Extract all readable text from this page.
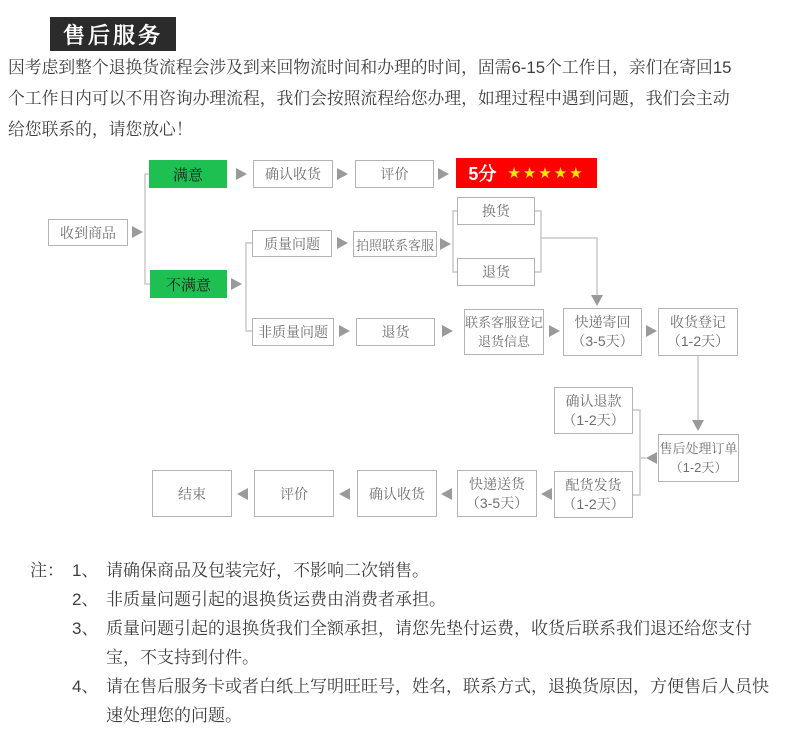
售后服务
因考虑到整个退换货流程会涉及到来回物流时间和办理的时间，固需6-15个工作日，亲们在寄回15
个工作日内可以不用咨询办理流程，我们会按照流程给您办理，如理过程中遇到问题，我们会主动
给您联系的，请您放心！
收到商品
满意	确认收货	评价	5分 ★★★★★
不满意
质量问题	拍照联系客服
换货
退货
非质量问题	退货
联系客服登记
退货信息
快递寄回
（3-5天）
收货登记
（1-2天）
确认退款
（1-2天）
售后处理订单
（1-2天）
配货发货
（1-2天）
快递送货
（3-5天）
确认收货
评价
结束
注： 1、 请确保商品及包装完好，不影响二次销售。
2、 非质量问题引起的退换货运费由消费者承担。
3、 质量问题引起的退换货我们全额承担，请您先垫付运费，收货后联系我们退还给您支付宝，不支持到付件。
4、 请在售后服务卡或者白纸上写明旺旺号，姓名，联系方式，退换货原因，方便售后人员快速处理您的问题。
